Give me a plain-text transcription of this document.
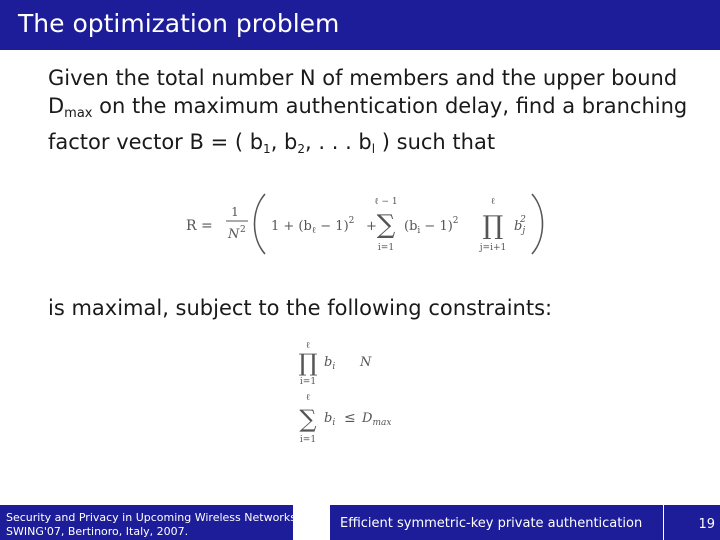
The optimization problem
Given the total number N of members and the upper bound
$D_{max}$ on the maximum authentication delay, find a branching
factor vector B = ( b1, b2, . . . bl ) such that
R =
1
N 2 $1 + (b_\ell - 1)^2$ +
ℓ − 1
∑
i=1
$(b_i - 1)^2$
ℓ
∏
j=i+1
$b_j2$
is maximal, subject to the following constraints:
ℓ
∏
i=1
$b_i$ N
ℓ
∑
i=1
$b_i \le D_{max}$
Security and Privacy in Upcoming Wireless Networks
SWING'07, Bertinoro, Italy, 2007.
Efficient symmetric-key private authentication	19
